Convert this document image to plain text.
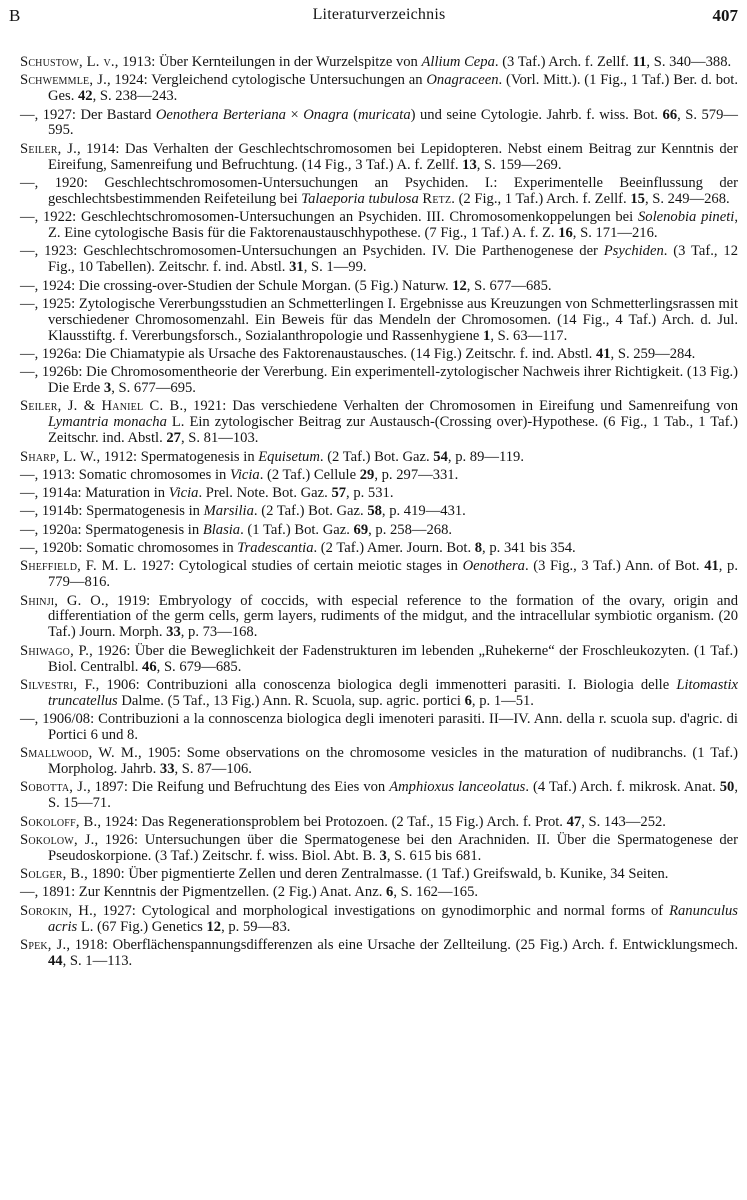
B	Literaturverzeichnis	407
Schustow, L. v., 1913: Über Kernteilungen in der Wurzelspitze von Allium Cepa. (3 Taf.) Arch. f. Zellf. 11, S. 340—388.
Schwemmle, J., 1924: Vergleichend cytologische Untersuchungen an Onagraceen. (Vorl. Mitt.). (1 Fig., 1 Taf.) Ber. d. bot. Ges. 42, S. 238—243.
—, 1927: Der Bastard Oenothera Berteriana × Onagra (muricata) und seine Cytologie. Jahrb. f. wiss. Bot. 66, S. 579—595.
Seiler, J., 1914: Das Verhalten der Geschlechtschromosomen bei Lepidopteren. Nebst einem Beitrag zur Kenntnis der Eireifung, Samenreifung und Befruchtung. (14 Fig., 3 Taf.) A. f. Zellf. 13, S. 159—269.
—, 1920: Geschlechtschromosomen-Untersuchungen an Psychiden. I.: Experimentelle Beeinflussung der geschlechtsbestimmenden Reifeteilung bei Talaeporia tubulosa Retz. (2 Fig., 1 Taf.) Arch. f. Zellf. 15, S. 249—268.
—, 1922: Geschlechtschromosomen-Untersuchungen an Psychiden. III. Chromosomenkoppelungen bei Solenobia pineti, Z. Eine cytologische Basis für die Faktorenaustauschhypothese. (7 Fig., 1 Taf.) A. f. Z. 16, S. 171—216.
—, 1923: Geschlechtschromosomen-Untersuchungen an Psychiden. IV. Die Parthenogenese der Psychiden. (3 Taf., 12 Fig., 10 Tabellen). Zeitschr. f. ind. Abstl. 31, S. 1—99.
—, 1924: Die crossing-over-Studien der Schule Morgan. (5 Fig.) Naturw. 12, S. 677—685.
—, 1925: Zytologische Vererbungsstudien an Schmetterlingen I. Ergebnisse aus Kreuzungen von Schmetterlingsrassen mit verschiedener Chromosomenzahl. Ein Beweis für das Mendeln der Chromosomen. (14 Fig., 4 Taf.) Arch. d. Jul. Klausstiftg. f. Vererbungsforsch., Sozialanthropologie und Rassenhygiene 1, S. 63—117.
—, 1926a: Die Chiamatypie als Ursache des Faktorenaustausches. (14 Fig.) Zeitschr. f. ind. Abstl. 41, S. 259—284.
—, 1926b: Die Chromosomentheorie der Vererbung. Ein experimentell-zytologischer Nachweis ihrer Richtigkeit. (13 Fig.) Die Erde 3, S. 677—695.
Seiler, J. & Haniel C. B., 1921: Das verschiedene Verhalten der Chromosomen in Eireifung und Samenreifung von Lymantria monacha L. Ein zytologischer Beitrag zur Austausch-(Crossing over)-Hypothese. (6 Fig., 1 Tab., 1 Taf.) Zeitschr. ind. Abstl. 27, S. 81—103.
Sharp, L. W., 1912: Spermatogenesis in Equisetum. (2 Taf.) Bot. Gaz. 54, p. 89—119.
—, 1913: Somatic chromosomes in Vicia. (2 Taf.) Cellule 29, p. 297—331.
—, 1914a: Maturation in Vicia. Prel. Note. Bot. Gaz. 57, p. 531.
—, 1914b: Spermatogenesis in Marsilia. (2 Taf.) Bot. Gaz. 58, p. 419—431.
—, 1920a: Spermatogenesis in Blasia. (1 Taf.) Bot. Gaz. 69, p. 258—268.
—, 1920b: Somatic chromosomes in Tradescantia. (2 Taf.) Amer. Journ. Bot. 8, p. 341 bis 354.
Sheffield, F. M. L. 1927: Cytological studies of certain meiotic stages in Oenothera. (3 Fig., 3 Taf.) Ann. of Bot. 41, p. 779—816.
Shinji, G. O., 1919: Embryology of coccids, with especial reference to the formation of the ovary, origin and differentiation of the germ cells, germ layers, rudiments of the midgut, and the intracellular symbiotic organism. (20 Taf.) Journ. Morph. 33, p. 73—168.
Shiwago, P., 1926: Über die Beweglichkeit der Fadenstrukturen im lebenden „Ruhekerne“ der Froschleukozyten. (1 Taf.) Biol. Centralbl. 46, S. 679—685.
Silvestri, F., 1906: Contribuzioni alla conoscenza biologica degli immenotteri parasiti. I. Biologia delle Litomastix truncatellus Dalme. (5 Taf., 13 Fig.) Ann. R. Scuola, sup. agric. portici 6, p. 1—51.
—, 1906/08: Contribuzioni a la connoscenza biologica degli imenoteri parasiti. II—IV. Ann. della r. scuola sup. d'agric. di Portici 6 und 8.
Smallwood, W. M., 1905: Some observations on the chromosome vesicles in the maturation of nudibranchs. (1 Taf.) Morpholog. Jahrb. 33, S. 87—106.
Sobotta, J., 1897: Die Reifung und Befruchtung des Eies von Amphioxus lanceolatus. (4 Taf.) Arch. f. mikrosk. Anat. 50, S. 15—71.
Sokoloff, B., 1924: Das Regenerationsproblem bei Protozoen. (2 Taf., 15 Fig.) Arch. f. Prot. 47, S. 143—252.
Sokolow, J., 1926: Untersuchungen über die Spermatogenese bei den Arachniden. II. Über die Spermatogenese der Pseudoskorpione. (3 Taf.) Zeitschr. f. wiss. Biol. Abt. B. 3, S. 615 bis 681.
Solger, B., 1890: Über pigmentierte Zellen und deren Zentralmasse. (1 Taf.) Greifswald, b. Kunike, 34 Seiten.
—, 1891: Zur Kenntnis der Pigmentzellen. (2 Fig.) Anat. Anz. 6, S. 162—165.
Sorokin, H., 1927: Cytological and morphological investigations on gynodimorphic and normal forms of Ranunculus acris L. (67 Fig.) Genetics 12, p. 59—83.
Spek, J., 1918: Oberflächenspannungsdifferenzen als eine Ursache der Zellteilung. (25 Fig.) Arch. f. Entwicklungsmech. 44, S. 1—113.
